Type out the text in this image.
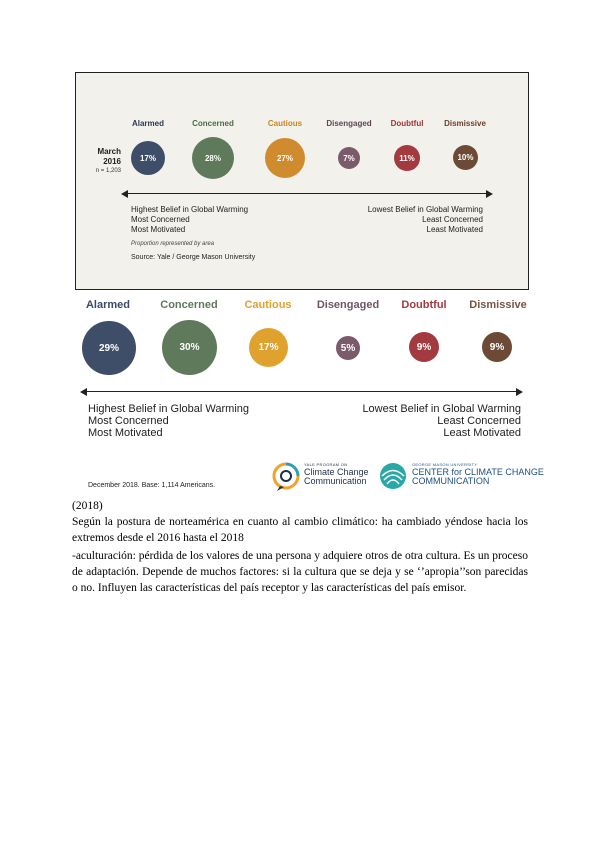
March
2016
n = 1,203
Alarmed	Concerned	Cautious	Disengaged	Doubtful	Dismissive
17%	28%	27%	7%	11%	10%
Highest Belief in Global Warming
Most Concerned
Most Motivated
Lowest Belief in Global Warming
Least Concerned
Least Motivated
Proportion represented by area
Source: Yale / George Mason University
Alarmed	Concerned	Cautious	Disengaged	Doubtful	Dismissive
29%	30%	17%	5%	9%	9%
Highest Belief in Global Warming
Most Concerned
Most Motivated
Lowest Belief in Global Warming
Least Concerned
Least Motivated
December 2018. Base: 1,114 Americans.
YALE PROGRAM ON
Climate Change
Communication
GEORGE MASON UNIVERSITY
CENTER for CLIMATE CHANGE
COMMUNICATION
(2018)
Según la postura de norteamérica en cuanto al cambio climático: ha cambiado yéndose hacia los extremos desde el 2016 hasta el 2018
-aculturación: pérdida de los valores de una persona y adquiere otros de otra cultura. Es un proceso de adaptación. Depende de muchos factores: si la cultura que se deja y se ‘’apropia’’son parecidas o no. Influyen las características del país receptor y las características del país emisor.
